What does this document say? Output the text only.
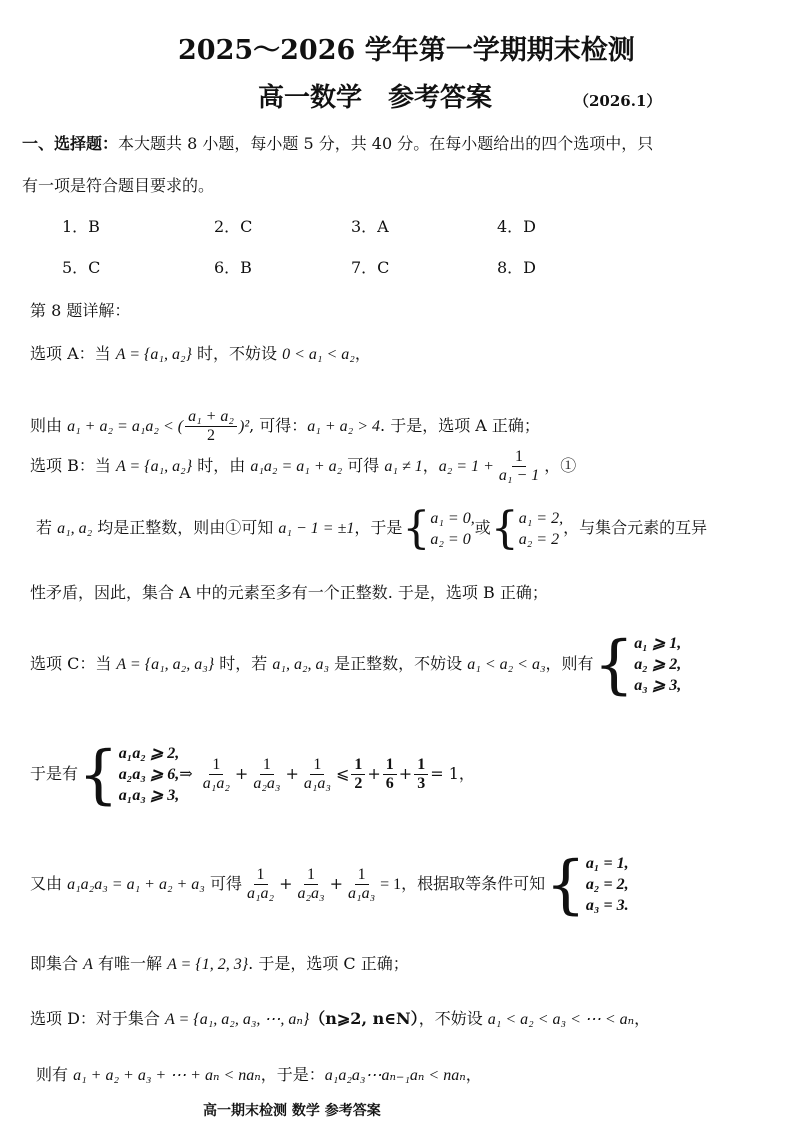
2025～2026 学年第一学期期末检测
高一数学　参考答案	（2026.1）
一、选择题：本大题共 8 小题，每小题 5 分，共 40 分。在每小题给出的四个选项中，只
有一项是符合题目要求的。
1．B	2．C	3．A	4．D
5．C	6．B	7．C	8．D
第 8 题详解：
选项 A：当 A = {a₁, a₂} 时，不妨设 0 < a₁ < a₂，
则由 a₁ + a₂ = a₁a₂ < ( $\frac{\text{a₁ + a₂}}{2} )^2$, 可得：a₁ + a₂ > 4. 于是，选项 A 正确；
选项 B：当 A = {a₁, a₂} 时，由 a₁a₂ = a₁ + a₂ 可得 a₁ ≠ 1，$a_2 = 1 + \frac{1}{\text{a₁ − 1}}$ ，①
若 a₁, a₂ 均是正整数，则由①可知 a₁ − 1 = ±1，于是 { a₁ = 0,
a₂ = 0
或 { a₁ = 2,
a₂ = 2
，与集合元素的互异
性矛盾，因此，集合 A 中的元素至多有一个正整数. 于是，选项 B 正确；
选项 C：当 A = {a₁, a₂, a₃} 时，若 a₁, a₂, a₃ 是正整数，不妨设 a₁ < a₂ < a₃，则有 { a₁ ⩾ 1,
a₂ ⩾ 2,
a₃ ⩾ 3,
于是有 { a₁a₂ ⩾ 2,
a₂a₃ ⩾ 6,
a₁a₃ ⩾ 3,
⇒ $\frac{1}{\text{a₁a₂}} + \frac{1}{\text{a₂a₃}} + \frac{1}{\text{a₁a₃}}$ ⩽ $\frac{1}{2} + \frac{1}{6} + \frac{1}{3} = 1$，
又由 a₁a₂a₃ = a₁ + a₂ + a₃ 可得 $\frac{1}{\text{a₁a₂}} + \frac{1}{\text{a₂a₃}} + \frac{1}{\text{a₁a₃}} = 1$，根据取等条件可知 { a₁ = 1,
a₂ = 2,
a₃ = 3.
即集合 A 有唯一解 A = {1, 2, 3}. 于是，选项 C 正确；
选项 D：对于集合 A = {a₁, a₂, a₃, ⋯, aₙ}（n⩾2, n∈N），不妨设 a₁ < a₂ < a₃ < ⋯ < aₙ，
则有 a₁ + a₂ + a₃ + ⋯ + aₙ < naₙ，于是：a₁a₂a₃⋯aₙ₋₁aₙ < naₙ，
高一期末检测 数学 参考答案
